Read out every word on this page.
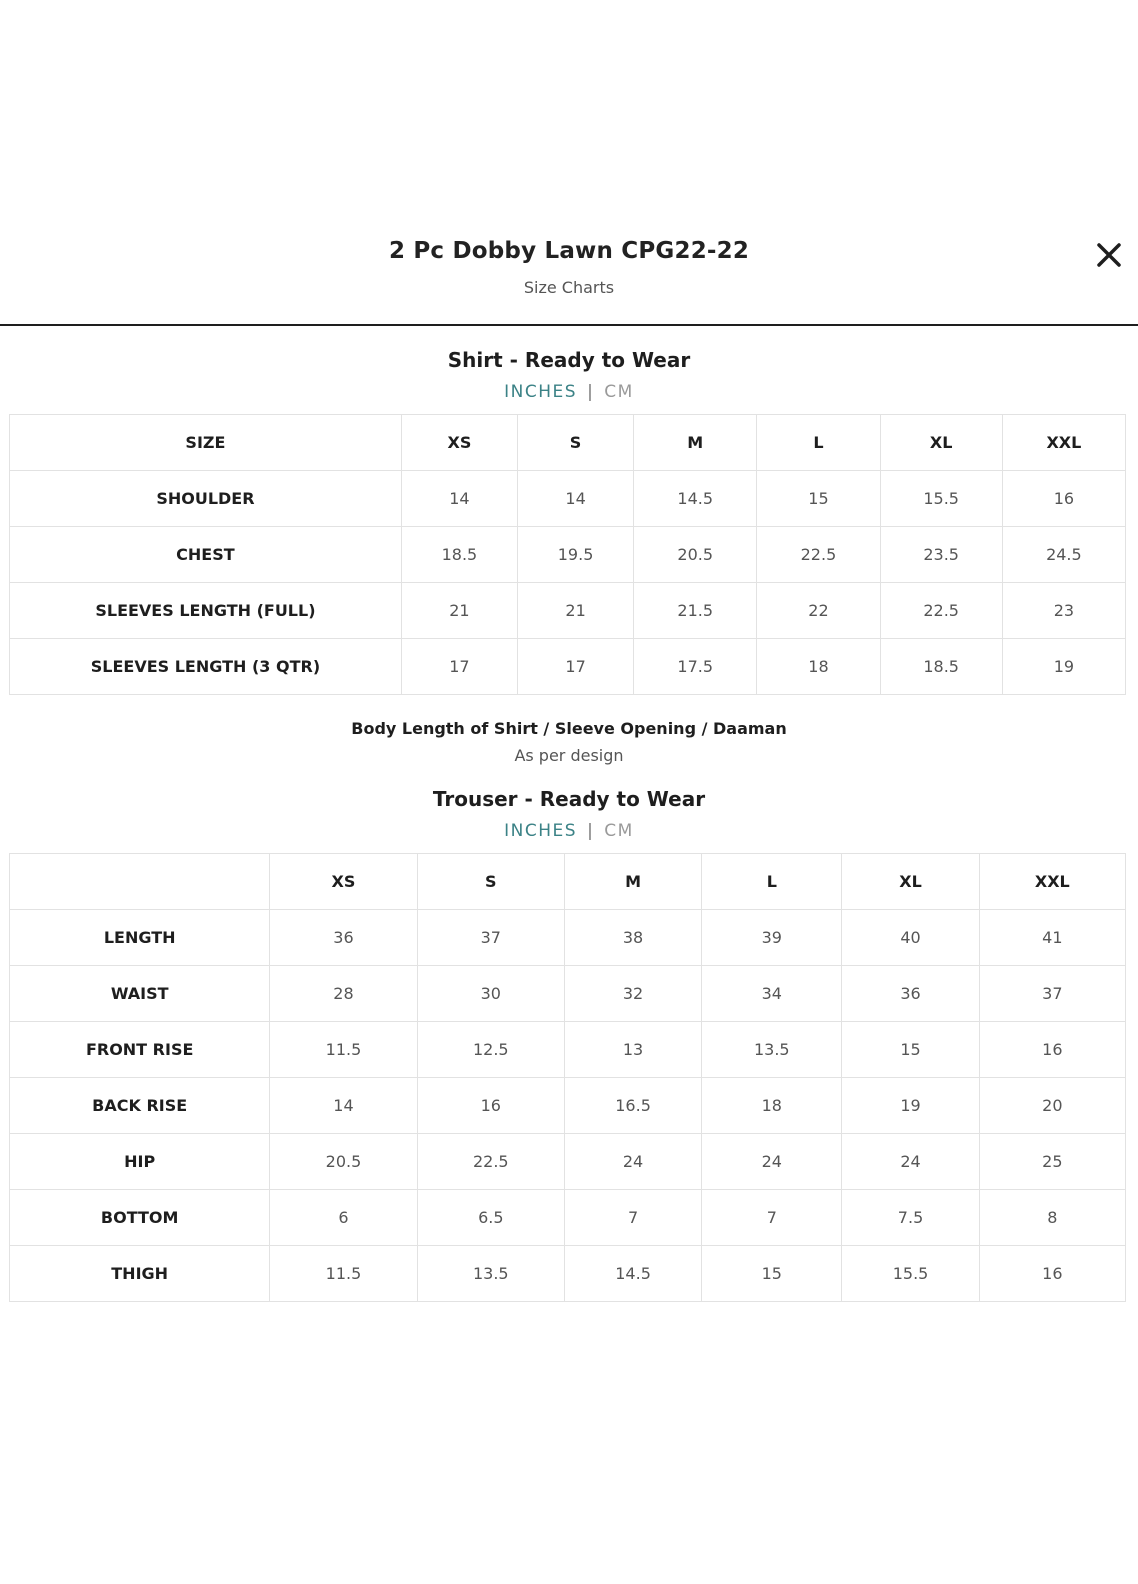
2 Pc Dobby Lawn CPG22-22
Size Charts
Shirt - Ready to Wear
INCHES | CM
SIZE	XS	S	M	L	XL	XXL
SHOULDER	14	14	14.5	15	15.5	16
CHEST	18.5	19.5	20.5	22.5	23.5	24.5
SLEEVES LENGTH (FULL)	21	21	21.5	22	22.5	23
SLEEVES LENGTH (3 QTR)	17	17	17.5	18	18.5	19
Body Length of Shirt / Sleeve Opening / Daaman
As per design
Trouser - Ready to Wear
INCHES | CM
	XS	S	M	L	XL	XXL
LENGTH	36	37	38	39	40	41
WAIST	28	30	32	34	36	37
FRONT RISE	11.5	12.5	13	13.5	15	16
BACK RISE	14	16	16.5	18	19	20
HIP	20.5	22.5	24	24	24	25
BOTTOM	6	6.5	7	7	7.5	8
THIGH	11.5	13.5	14.5	15	15.5	16
